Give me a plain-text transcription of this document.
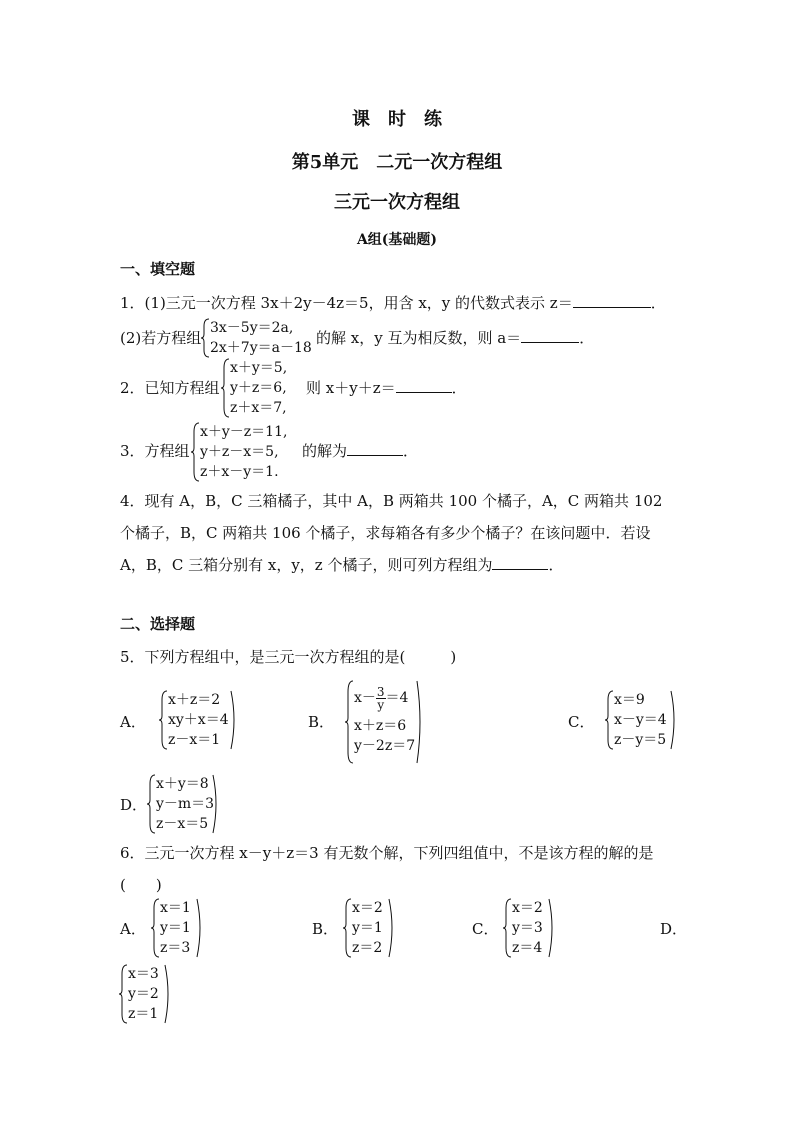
课　时　练
第5单元　二元一次方程组
三元一次方程组
A组(基础题)
一、填空题
1．(1)三元一次方程 3x＋2y－4z＝5，用含 x，y 的代数式表示 z＝	．
(2)若方程组
3x－5y＝2a,
2x＋7y＝a－18
的解 x，y 互为相反数，则 a＝	．
2．已知方程组
x＋y＝5,
y＋z＝6,
z＋x＝7,
则 x＋y＋z＝	．
3．方程组
x＋y－z＝11,
y＋z－x＝5,
z＋x－y＝1.
的解为	．
4．现有 A，B，C 三箱橘子，其中 A，B 两箱共 100 个橘子，A，C 两箱共 102
个橘子，B，C 两箱共 106 个橘子，求每箱各有多少个橘子？在该问题中．若设
A，B，C 三箱分别有 x，y，z 个橘子，则可列方程组为	．
二、选择题
5．下列方程组中，是三元一次方程组的是(　　　)
A．
x＋z＝2
xy＋x＝4
z－x＝1
B．
$x- \frac{3}{y} =4$
x＋z＝6
y－2z＝7
C．
x＝9
x－y＝4
z－y＝5
D．
x＋y＝8
y－m＝3
z－x＝5
6．三元一次方程 x－y＋z＝3 有无数个解，下列四组值中，不是该方程的解的是
(　　)
A．
x＝1
y＝1
z＝3
B．
x＝2
y＝1
z＝2
C．
x＝2
y＝3
z＝4
D．
x＝3
y＝2
z＝1
